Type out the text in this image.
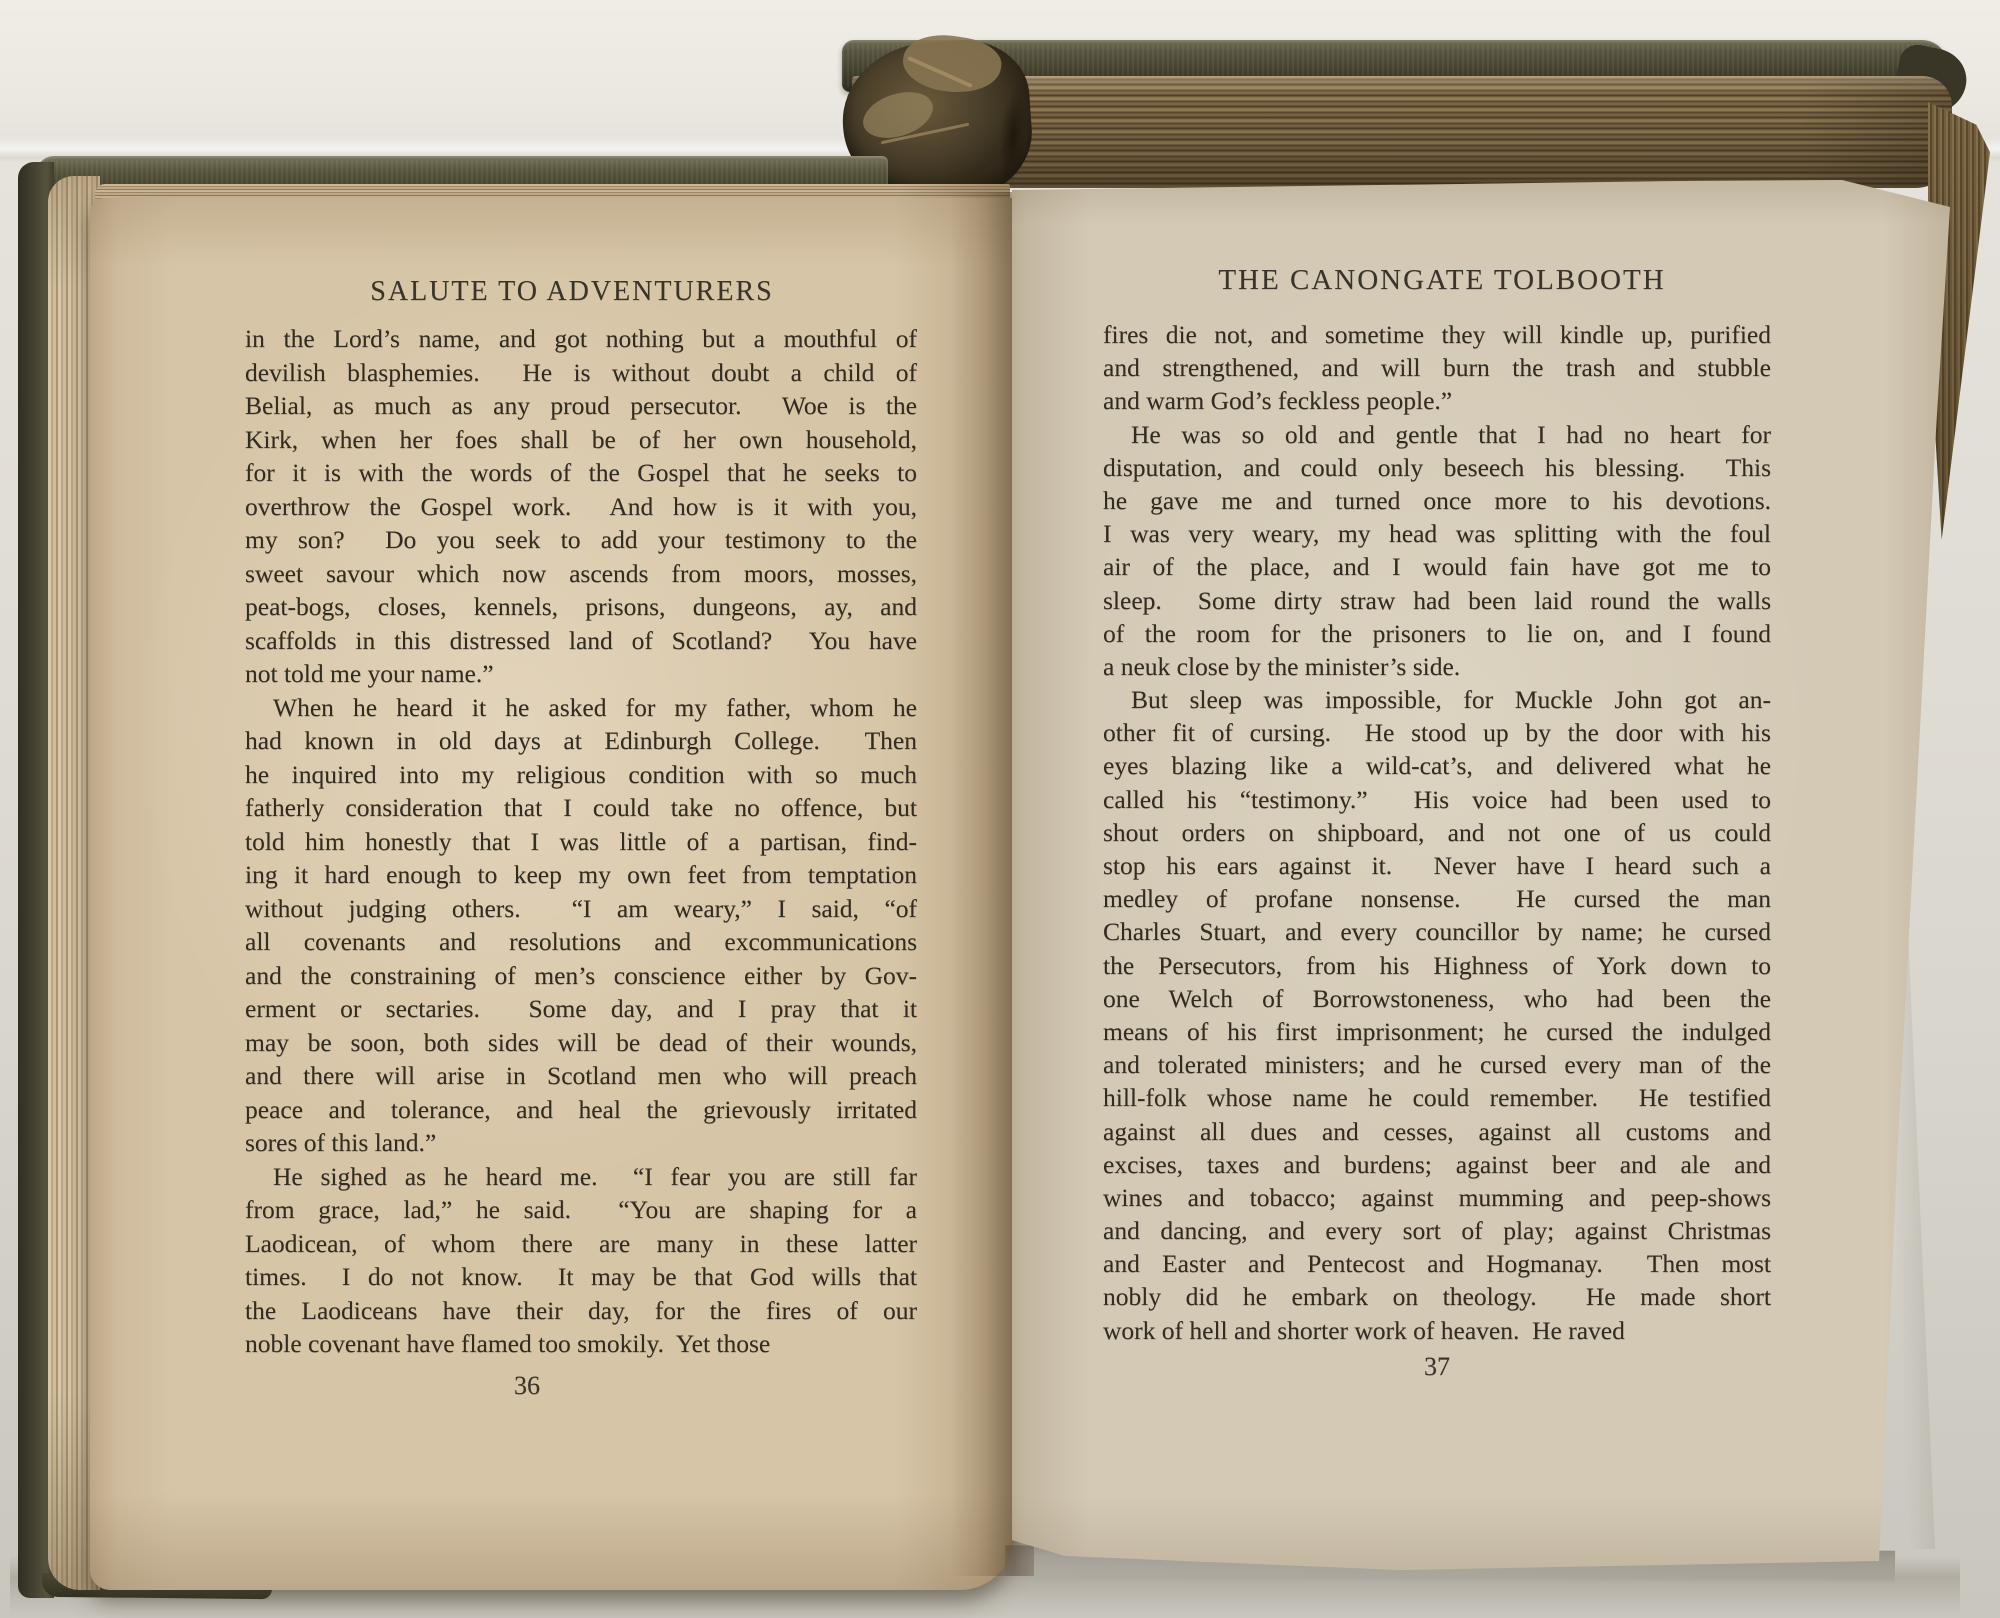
SALUTE TO ADVENTURERS
in the Lord’s name, and got nothing but a mouthful of
devilish blasphemies.  He is without doubt a child of
Belial, as much as any proud persecutor.  Woe is the
Kirk, when her foes shall be of her own household,
for it is with the words of the Gospel that he seeks to
overthrow the Gospel work.  And how is it with you,
my son?  Do you seek to add your testimony to the
sweet savour which now ascends from moors, mosses,
peat-bogs, closes, kennels, prisons, dungeons, ay, and
scaffolds in this distressed land of Scotland?  You have
not told me your name.”
When he heard it he asked for my father, whom he
had known in old days at Edinburgh College.  Then
he inquired into my religious condition with so much
fatherly consideration that I could take no offence, but
told him honestly that I was little of a partisan, find-
ing it hard enough to keep my own feet from temptation
without judging others.  “I am weary,” I said, “of
all covenants and resolutions and excommunications
and the constraining of men’s conscience either by Gov-
erment or sectaries.  Some day, and I pray that it
may be soon, both sides will be dead of their wounds,
and there will arise in Scotland men who will preach
peace and tolerance, and heal the grievously irritated
sores of this land.”
He sighed as he heard me.  “I fear you are still far
from grace, lad,” he said.  “You are shaping for a
Laodicean, of whom there are many in these latter
times.  I do not know.  It may be that God wills that
the Laodiceans have their day, for the fires of our
noble covenant have flamed too smokily.  Yet those
36
THE CANONGATE TOLBOOTH
fires die not, and sometime they will kindle up, purified
and strengthened, and will burn the trash and stubble
and warm God’s feckless people.”
He was so old and gentle that I had no heart for
disputation, and could only beseech his blessing.  This
he gave me and turned once more to his devotions.
I was very weary, my head was splitting with the foul
air of the place, and I would fain have got me to
sleep.  Some dirty straw had been laid round the walls
of the room for the prisoners to lie on, and I found
a neuk close by the minister’s side.
But sleep was impossible, for Muckle John got an-
other fit of cursing.  He stood up by the door with his
eyes blazing like a wild-cat’s, and delivered what he
called his “testimony.”  His voice had been used to
shout orders on shipboard, and not one of us could
stop his ears against it.  Never have I heard such a
medley of profane nonsense.  He cursed the man
Charles Stuart, and every councillor by name; he cursed
the Persecutors, from his Highness of York down to
one Welch of Borrowstoneness, who had been the
means of his first imprisonment; he cursed the indulged
and tolerated ministers; and he cursed every man of the
hill-folk whose name he could remember.  He testified
against all dues and cesses, against all customs and
excises, taxes and burdens; against beer and ale and
wines and tobacco; against mumming and peep-shows
and dancing, and every sort of play; against Christmas
and Easter and Pentecost and Hogmanay.  Then most
nobly did he embark on theology.  He made short
work of hell and shorter work of heaven.  He raved
37
